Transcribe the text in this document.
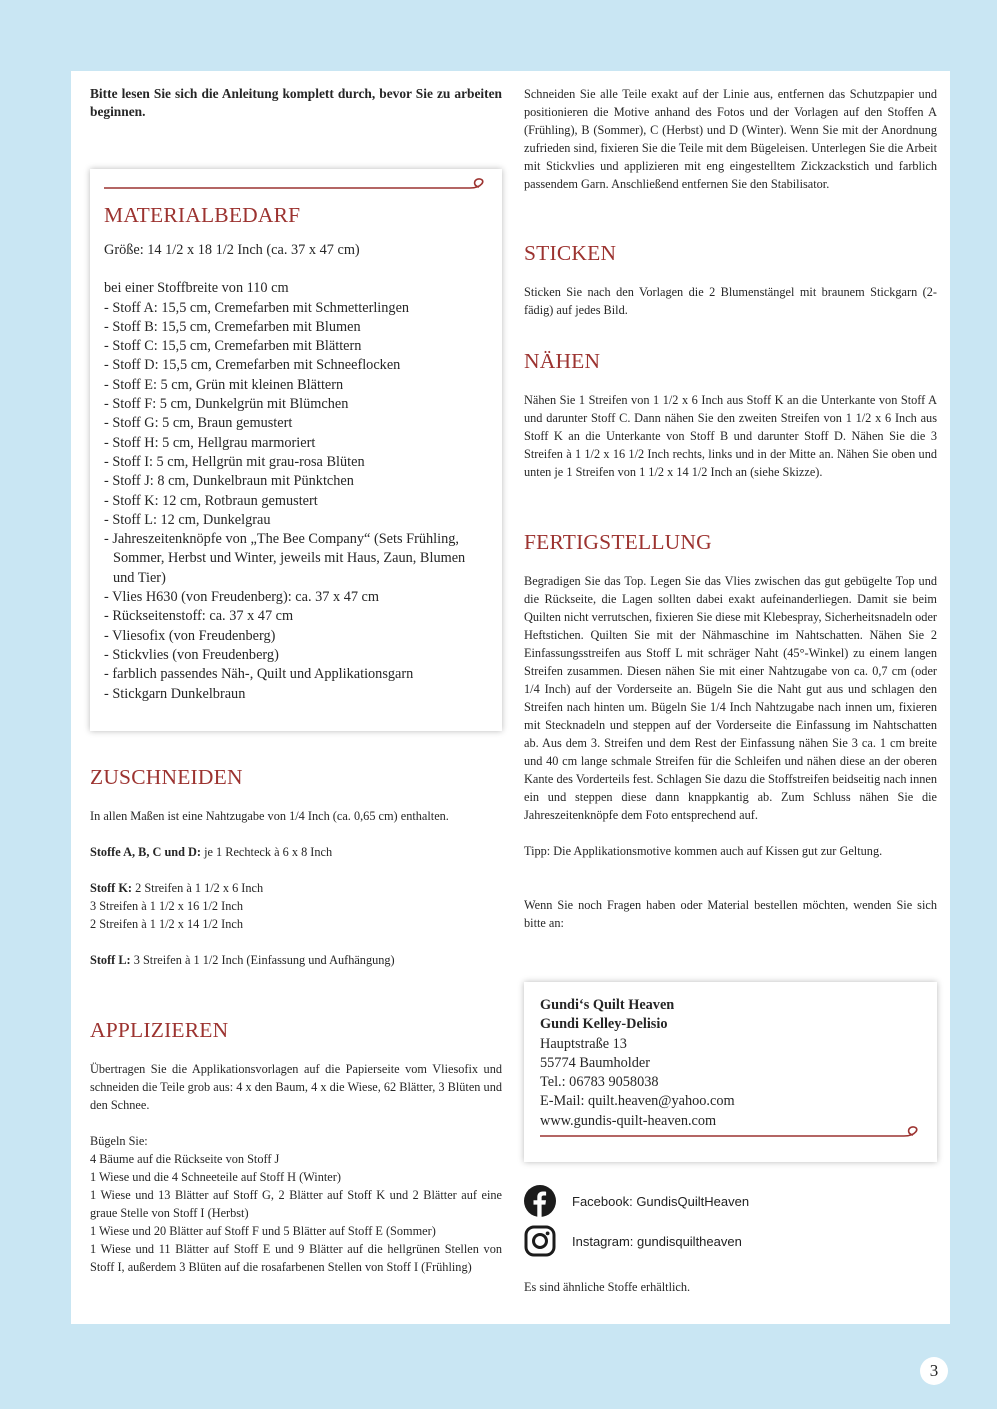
Bitte lesen Sie sich die Anleitung komplett durch, bevor Sie zu arbeiten beginnen.

MATERIALBEDARF

Größe: 14 1/2 x 18 1/2 Inch (ca. 37 x 47 cm)

bei einer Stoffbreite von 110 cm

- Stoff A: 15,5 cm, Cremefarben mit Schmetterlingen
- Stoff B: 15,5 cm, Cremefarben mit Blumen
- Stoff C: 15,5 cm, Cremefarben mit Blättern
- Stoff D: 15,5 cm, Cremefarben mit Schneeflocken
- Stoff E: 5 cm, Grün mit kleinen Blättern
- Stoff F: 5 cm, Dunkelgrün mit Blümchen
- Stoff G: 5 cm, Braun gemustert
- Stoff H: 5 cm, Hellgrau marmoriert
- Stoff I: 5 cm, Hellgrün mit grau-rosa Blüten
- Stoff J: 8 cm, Dunkelbraun mit Pünktchen
- Stoff K: 12 cm, Rotbraun gemustert
- Stoff L: 12 cm, Dunkelgrau
- Jahreszeitenknöpfe von „The Bee Company“ (Sets Frühling, Sommer, Herbst und Winter, jeweils mit Haus, Zaun, Blumen und Tier)
- Vlies H630 (von Freudenberg): ca. 37 x 47 cm
- Rückseitenstoff: ca. 37 x 47 cm
- Vliesofix (von Freudenberg)
- Stickvlies (von Freudenberg)
- farblich passendes Näh-, Quilt und Applikationsgarn
- Stickgarn Dunkelbraun
ZUSCHNEIDEN

In allen Maßen ist eine Nahtzugabe von 1/4 Inch (ca. 0,65 cm) enthalten.

Stoffe A, B, C und D: je 1 Rechteck à 6 x 8 Inch

Stoff K: 2 Streifen à 1 1/2 x 6 Inch

3 Streifen à 1 1/2 x 16 1/2 Inch

2 Streifen à 1 1/2 x 14 1/2 Inch

Stoff L: 3 Streifen à 1 1/2 Inch (Einfassung und Aufhängung)

APPLIZIEREN

Übertragen Sie die Applikationsvorlagen auf die Papierseite vom Vliesofix und schneiden die Teile grob aus: 4 x den Baum, 4 x die Wiese, 62 Blätter, 3 Blüten und den Schnee.

Bügeln Sie:

4 Bäume auf die Rückseite von Stoff J

1 Wiese und die 4 Schneeteile auf Stoff H (Winter)

1 Wiese und 13 Blätter auf Stoff G, 2 Blätter auf Stoff K und 2 Blätter auf eine graue Stelle von Stoff I (Herbst)

1 Wiese und 20 Blätter auf Stoff F und 5 Blätter auf Stoff E (Sommer)

1 Wiese und 11 Blätter auf Stoff E und 9 Blätter auf die hellgrünen Stellen von Stoff I, außerdem 3 Blüten auf die rosafarbenen Stellen von Stoff I (Frühling)

Schneiden Sie alle Teile exakt auf der Linie aus, entfernen das Schutzpapier und positionieren die Motive anhand des Fotos und der Vorlagen auf den Stoffen A (Frühling), B (Sommer), C (Herbst) und D (Winter). Wenn Sie mit der Anordnung zufrieden sind, fixieren Sie die Teile mit dem Bügeleisen. Unterlegen Sie die Arbeit mit Stickvlies und applizieren mit eng eingestelltem Zickzackstich und farblich passendem Garn. Anschließend entfernen Sie den Stabilisator.

STICKEN

Sticken Sie nach den Vorlagen die 2 Blumenstängel mit braunem Stickgarn (2-fädig) auf jedes Bild.

NÄHEN

Nähen Sie 1 Streifen von 1 1/2 x 6 Inch aus Stoff K an die Unterkante von Stoff A und darunter Stoff C. Dann nähen Sie den zweiten Streifen von 1 1/2 x 6 Inch aus Stoff K an die Unterkante von Stoff B und darunter Stoff D. Nähen Sie die 3 Streifen à 1 1/2 x 16 1/2 Inch rechts, links und in der Mitte an. Nähen Sie oben und unten je 1 Streifen von 1 1/2 x 14 1/2 Inch an (siehe Skizze).

FERTIGSTELLUNG

Begradigen Sie das Top. Legen Sie das Vlies zwischen das gut gebügelte Top und die Rückseite, die Lagen sollten dabei exakt aufeinanderliegen. Damit sie beim Quilten nicht verrutschen, fixieren Sie diese mit Klebespray, Sicherheitsnadeln oder Heftstichen. Quilten Sie mit der Nähmaschine im Nahtschatten. Nähen Sie 2 Einfassungsstreifen aus Stoff L mit schräger Naht (45°-Winkel) zu einem langen Streifen zusammen. Diesen nähen Sie mit einer Nahtzugabe von ca. 0,7 cm (oder 1/4 Inch) auf der Vorderseite an. Bügeln Sie die Naht gut aus und schlagen den Streifen nach hinten um. Bügeln Sie 1/4 Inch Nahtzugabe nach innen um, fixieren mit Stecknadeln und steppen auf der Vorderseite die Einfassung im Nahtschatten ab. Aus dem 3. Streifen und dem Rest der Einfassung nähen Sie 3 ca. 1 cm breite und 40 cm lange schmale Streifen für die Schleifen und nähen diese an der oberen Kante des Vorderteils fest. Schlagen Sie dazu die Stoffstreifen beidseitig nach innen ein und steppen diese dann knappkantig ab. Zum Schluss nähen Sie die Jahreszeitenknöpfe dem Foto entsprechend auf.

Tipp: Die Applikationsmotive kommen auch auf Kissen gut zur Geltung.

Wenn Sie noch Fragen haben oder Material bestellen möchten, wenden Sie sich bitte an:

Gundi‘s Quilt Heaven

Gundi Kelley-Delisio

Hauptstraße 13

55774 Baumholder

Tel.: 06783 9058038

E-Mail: quilt.heaven@yahoo.com

www.gundis-quilt-heaven.com

Facebook: GundisQuiltHeaven
Instagram: gundisquiltheaven

Es sind ähnliche Stoffe erhältlich.

3
